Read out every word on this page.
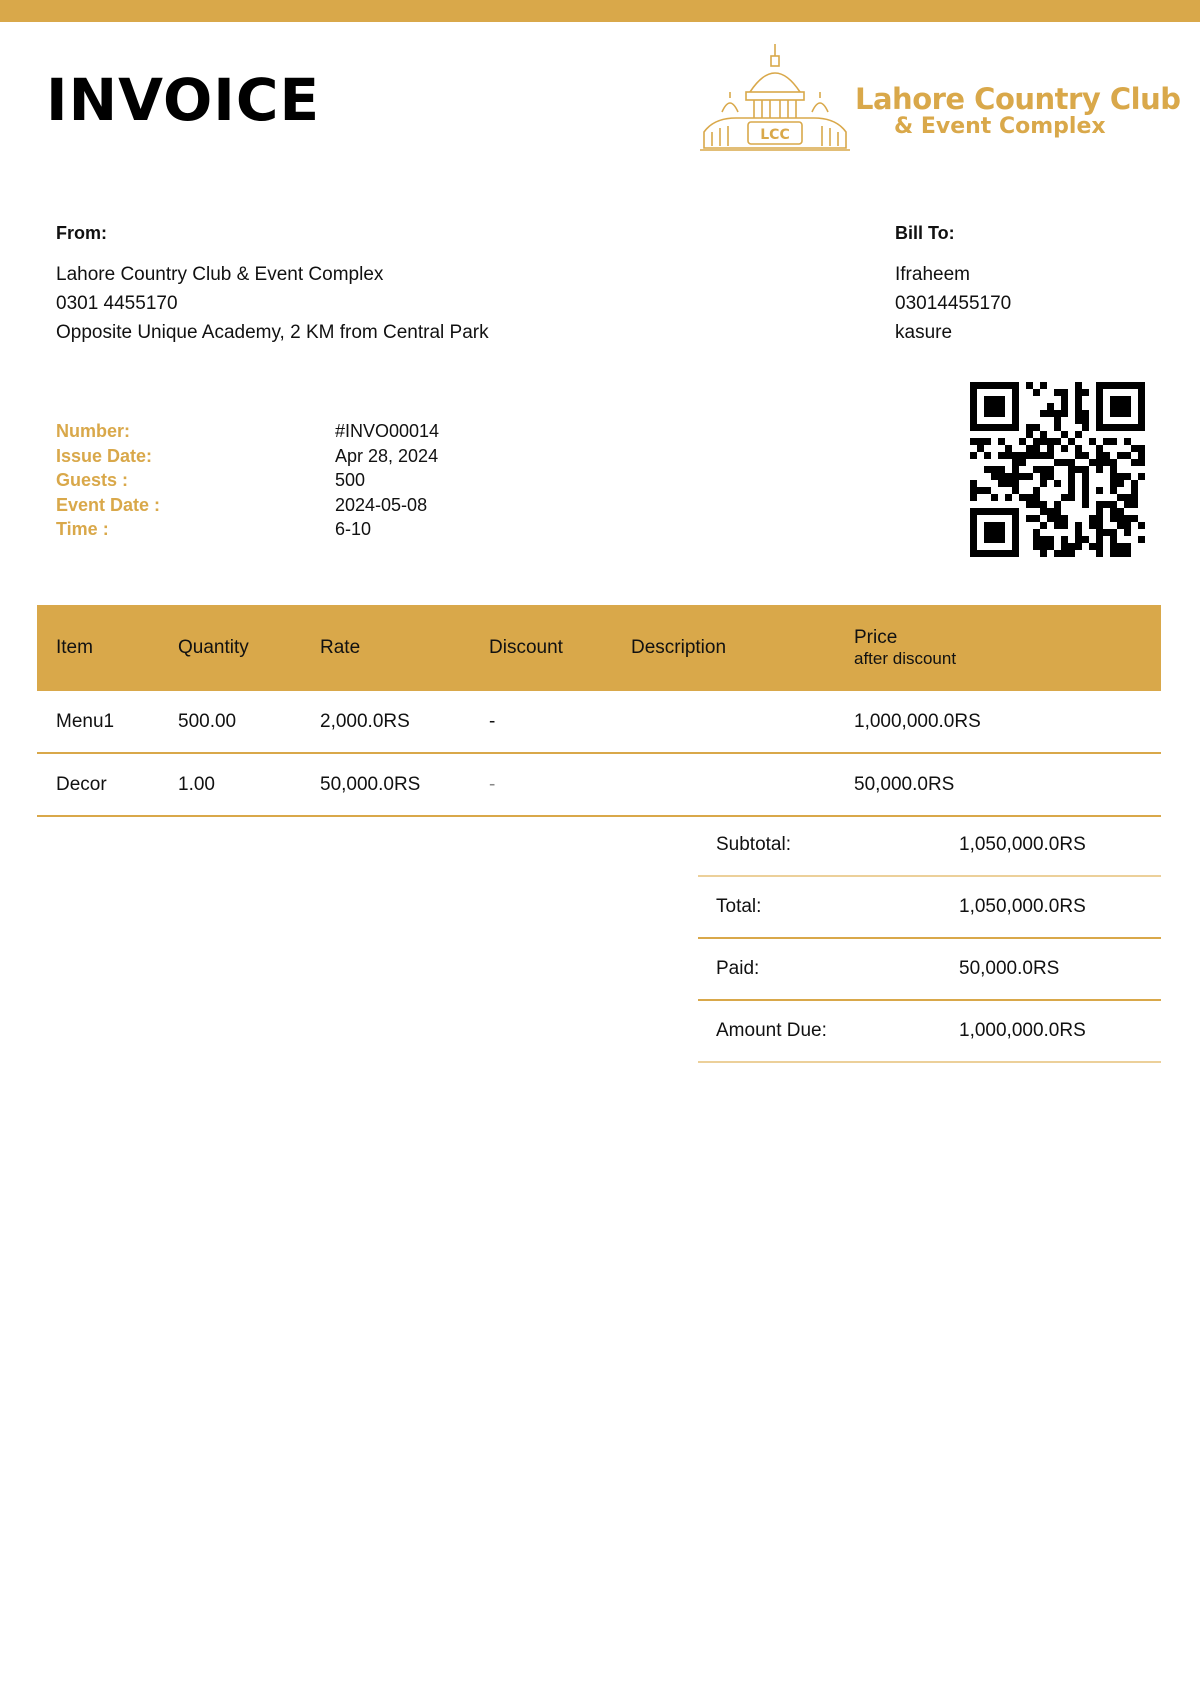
INVOICE
LCC
Lahore Country Club
& Event Complex
From:
Lahore Country Club & Event Complex
0301 4455170
Opposite Unique Academy, 2 KM from Central Park
Bill To:
Ifraheem
03014455170
kasure
Number:	#INVO00014
Issue Date:	Apr 28, 2024
Guests :	500
Event Date :	2024-05-08
Time :	6-10
Item	Quantity	Rate	Discount	Description	Price
after discount

Menu1	500.00	2,000.0RS	-		1,000,000.0RS
Decor	1.00	50,000.0RS	-		50,000.0RS
Subtotal:	1,050,000.0RS
Total:	1,050,000.0RS
Paid:	50,000.0RS
Amount Due:	1,000,000.0RS
